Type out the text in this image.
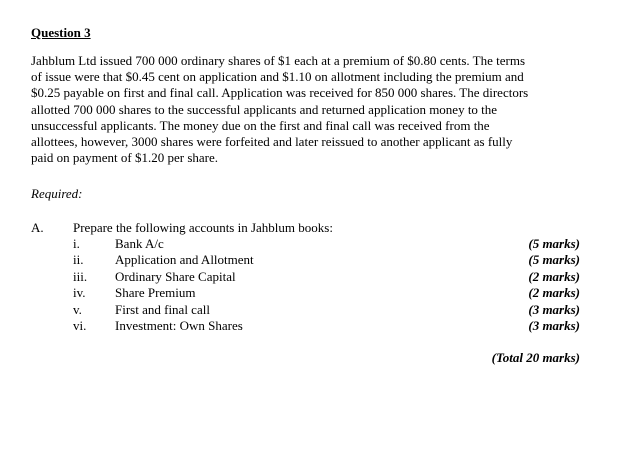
Question 3
Jahblum Ltd issued 700 000 ordinary shares of $1 each at a premium of $0.80 cents. The terms
of issue were that $0.45 cent on application and $1.10 on allotment including the premium and
$0.25 payable on first and final call. Application was received for 850 000 shares. The directors
allotted 700 000 shares to the successful applicants and returned application money to the
unsuccessful applicants. The money due on the first and final call was received from the
allottees, however, 3000 shares were forfeited and later reissued to another applicant as fully
paid on payment of $1.20 per share.
Required:
A. Prepare the following accounts in Jahblum books:
i.	Bank A/c	(5 marks)
ii. Application and Allotment	(5 marks)
iii. Ordinary Share Capital	(2 marks)
iv. Share Premium	(2 marks)
v.	First and final call	(3 marks)
vi. Investment: Own Shares	(3 marks)
(Total 20 marks)
